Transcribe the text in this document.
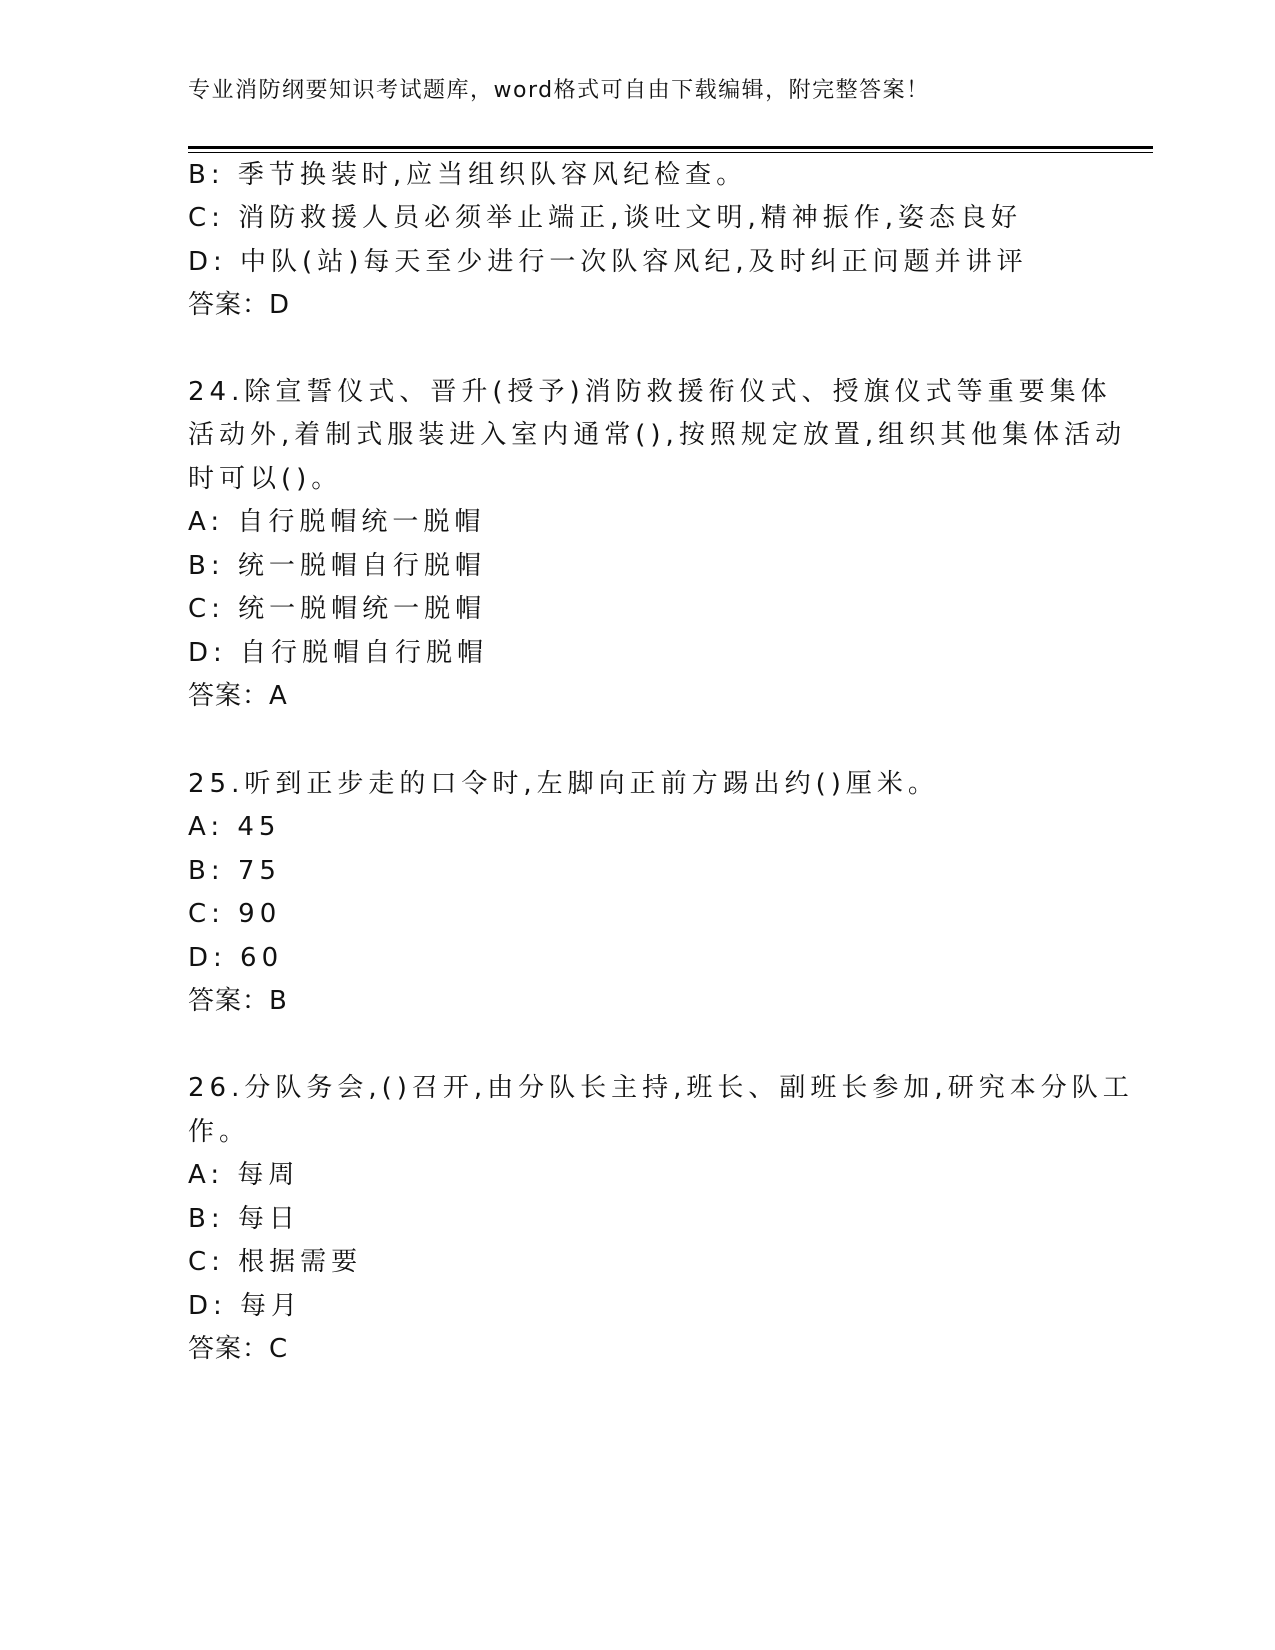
专业消防纲要知识考试题库，word格式可自由下载编辑，附完整答案！
B: 季节换装时,应当组织队容风纪检查。
C: 消防救援人员必须举止端正,谈吐文明,精神振作,姿态良好
D: 中队(站)每天至少进行一次队容风纪,及时纠正问题并讲评
答案：D
24.除宣誓仪式、晋升(授予)消防救援衔仪式、授旗仪式等重要集体
活动外,着制式服装进入室内通常(),按照规定放置,组织其他集体活动
时可以()。
A: 自行脱帽统一脱帽
B: 统一脱帽自行脱帽
C: 统一脱帽统一脱帽
D: 自行脱帽自行脱帽
答案：A
25.听到正步走的口令时,左脚向正前方踢出约()厘米。
A: 45
B: 75
C: 90
D: 60
答案：B
26.分队务会,()召开,由分队长主持,班长、副班长参加,研究本分队工
作。
A: 每周
B: 每日
C: 根据需要
D: 每月
答案：C
